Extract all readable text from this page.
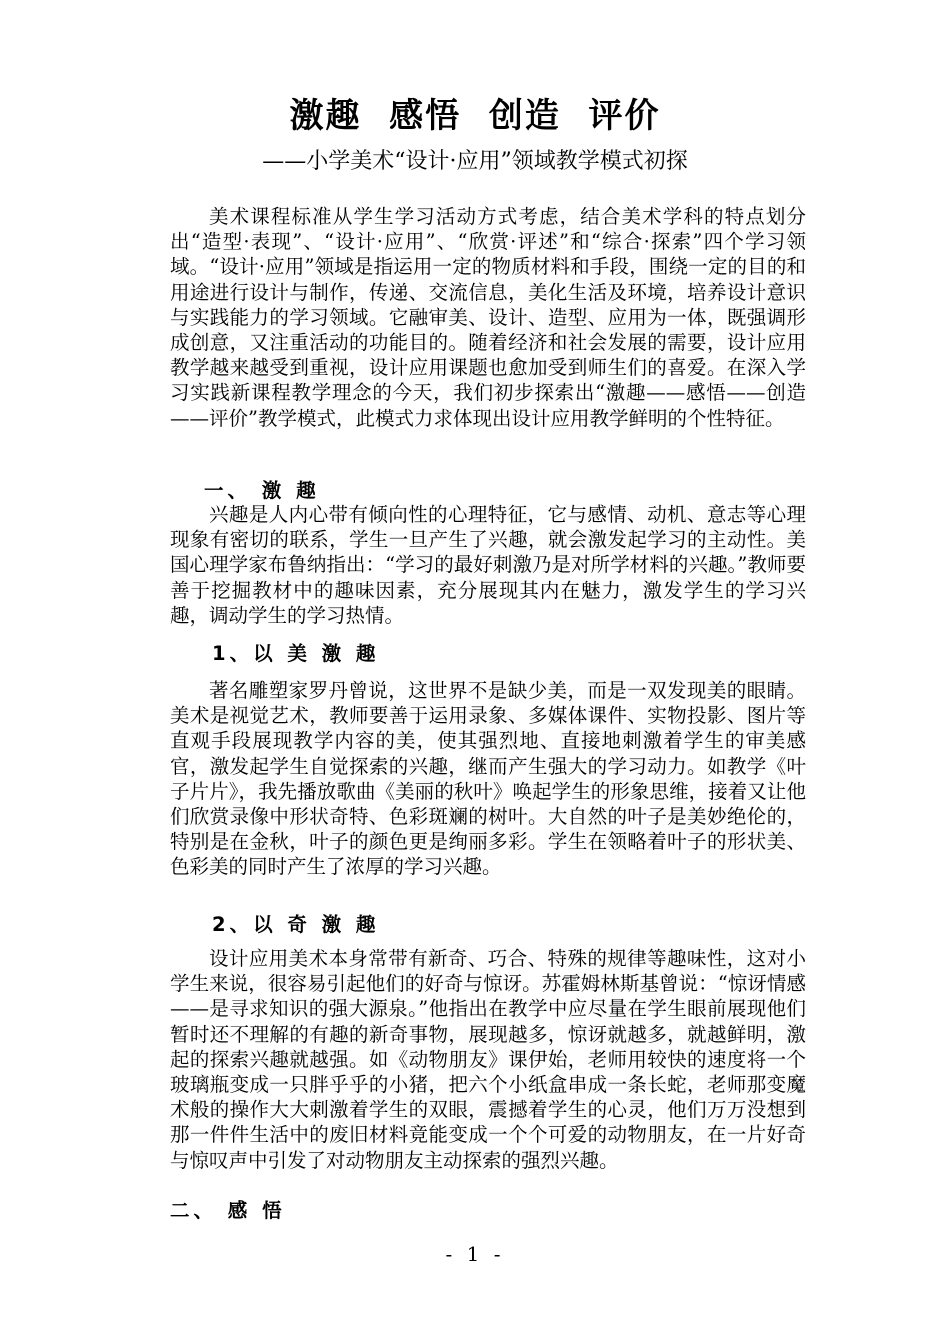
激趣  感悟  创造  评价
——小学美术“设计·应用”领域教学模式初探

美术课程标准从学生学习活动方式考虑，结合美术学科的特点划分出“造型·表现”、“设计·应用”、“欣赏·评述”和“综合·探索”四个学习领域。“设计·应用”领域是指运用一定的物质材料和手段，围绕一定的目的和用途进行设计与制作，传递、交流信息，美化生活及环境，培养设计意识与实践能力的学习领域。它融审美、设计、造型、应用为一体，既强调形成创意，又注重活动的功能目的。随着经济和社会发展的需要，设计应用教学越来越受到重视，设计应用课题也愈加受到师生们的喜爱。在深入学习实践新课程教学理念的今天，我们初步探索出“激趣——感悟——创造——评价”教学模式，此模式力求体现出设计应用教学鲜明的个性特征。

一、 激 趣

兴趣是人内心带有倾向性的心理特征，它与感情、动机、意志等心理现象有密切的联系，学生一旦产生了兴趣，就会激发起学习的主动性。美国心理学家布鲁纳指出：“学习的最好刺激乃是对所学材料的兴趣。”教师要善于挖掘教材中的趣味因素，充分展现其内在魅力，激发学生的学习兴趣，调动学生的学习热情。

1、以 美 激 趣

著名雕塑家罗丹曾说，这世界不是缺少美，而是一双发现美的眼睛。美术是视觉艺术，教师要善于运用录象、多媒体课件、实物投影、图片等直观手段展现教学内容的美，使其强烈地、直接地刺激着学生的审美感官，激发起学生自觉探索的兴趣，继而产生强大的学习动力。如教学《叶子片片》，我先播放歌曲《美丽的秋叶》唤起学生的形象思维，接着又让他们欣赏录像中形状奇特、色彩斑斓的树叶。大自然的叶子是美妙绝伦的，特别是在金秋，叶子的颜色更是绚丽多彩。学生在领略着叶子的形状美、色彩美的同时产生了浓厚的学习兴趣。

2、以 奇 激 趣

设计应用美术本身常带有新奇、巧合、特殊的规律等趣味性，这对小学生来说，很容易引起他们的好奇与惊讶。苏霍姆林斯基曾说：“惊讶情感——是寻求知识的强大源泉。”他指出在教学中应尽量在学生眼前展现他们暂时还不理解的有趣的新奇事物，展现越多，惊讶就越多，就越鲜明，激起的探索兴趣就越强。如《动物朋友》课伊始，老师用较快的速度将一个玻璃瓶变成一只胖乎乎的小猪，把六个小纸盒串成一条长蛇，老师那变魔术般的操作大大刺激着学生的双眼，震撼着学生的心灵，他们万万没想到那一件件生活中的废旧材料竟能变成一个个可爱的动物朋友，在一片好奇与惊叹声中引发了对动物朋友主动探索的强烈兴趣。

二、 感 悟
- 1 -
